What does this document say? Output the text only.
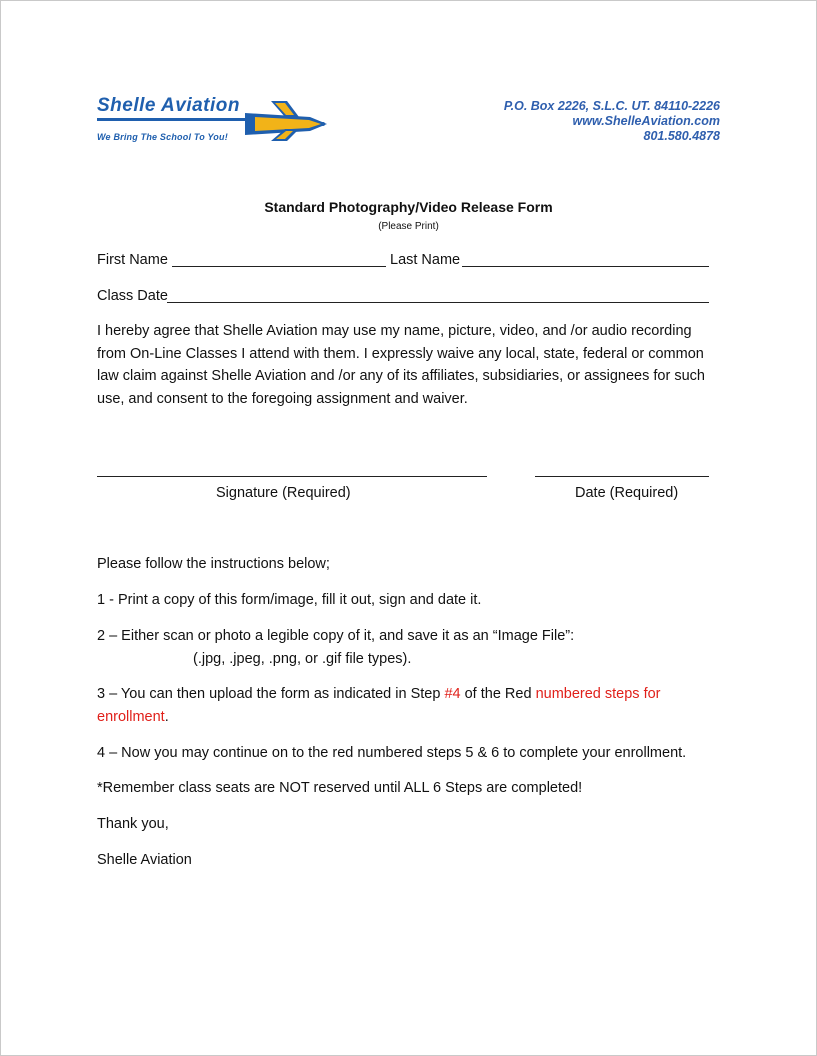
Shelle Aviation
We Bring The School To You!
P.O. Box 2226, S.L.C. UT. 84110-2226
www.ShelleAviation.com
801.580.4878
Standard Photography/Video Release Form
(Please Print)
First Name	Last Name
Class Date
I hereby agree that Shelle Aviation may use my name, picture, video, and /or audio recording from On-Line Classes I attend with them. I expressly waive any local, state, federal or common law claim against Shelle Aviation and /or any of its affiliates, subsidiaries, or assignees for such use, and consent to the foregoing assignment and waiver.
Signature (Required)	Date (Required)
Please follow the instructions below;
1 - Print a copy of this form/image, fill it out, sign and date it.
2 – Either scan or photo a legible copy of it, and save it as an “Image File”:
(.jpg, .jpeg, .png, or .gif file types).
3 – You can then upload the form as indicated in Step #4 of the Red numbered steps for enrollment.
4 – Now you may continue on to the red numbered steps 5 & 6 to complete your enrollment.
*Remember class seats are NOT reserved until ALL 6 Steps are completed!
Thank you,
Shelle Aviation
